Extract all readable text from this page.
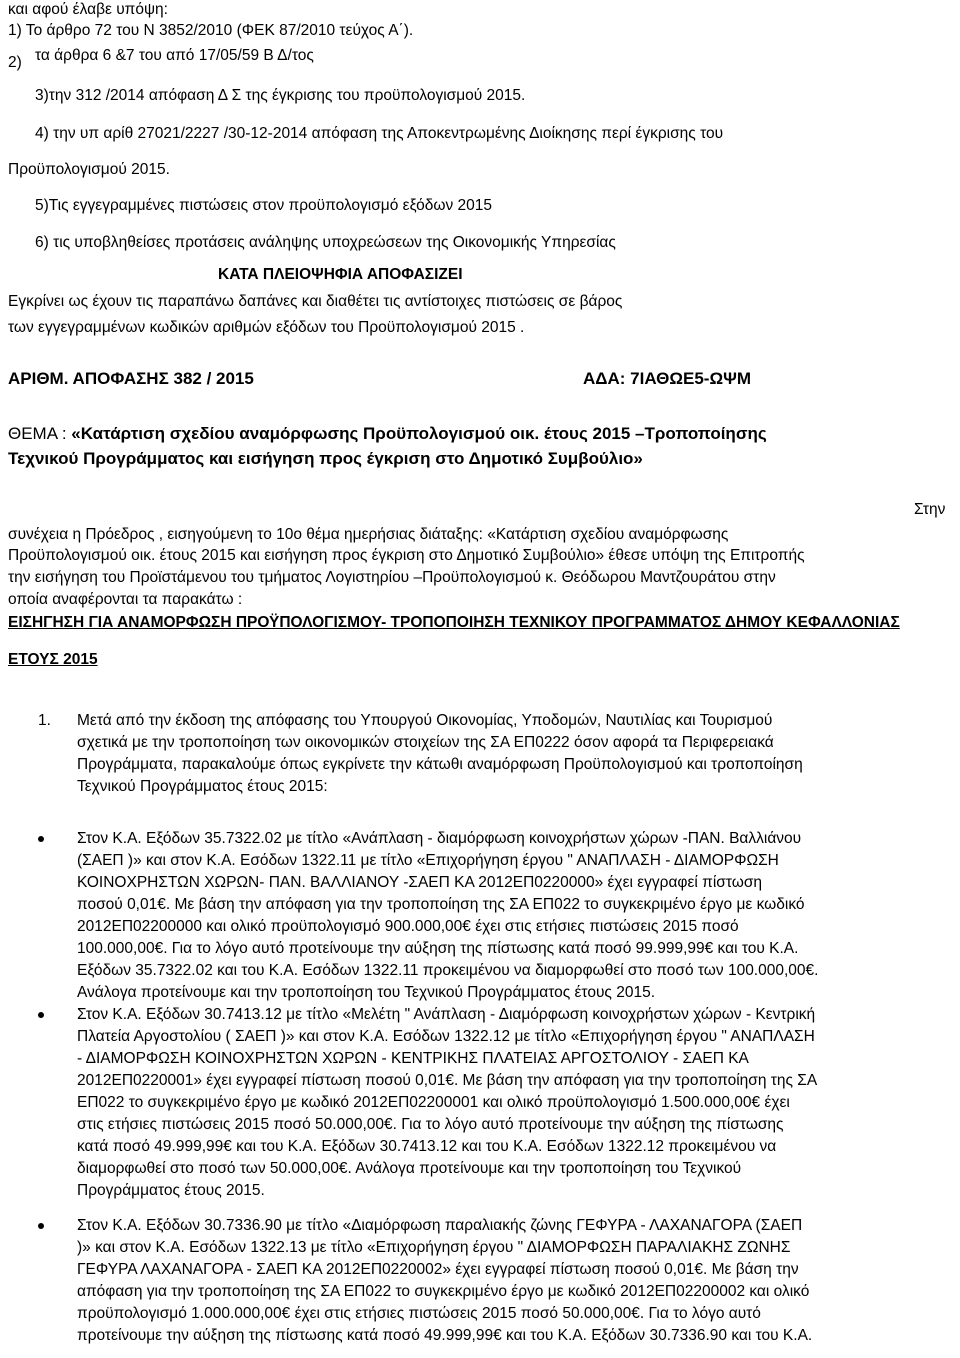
και αφού έλαβε υπόψη:
1) Το άρθρο 72 του Ν 3852/2010 (ΦΕΚ 87/2010 τεύχος Α΄).
2) τα άρθρα 6 &7 του από 17/05/59 Β Δ/τος
3)την 312 /2014 απόφαση Δ Σ της έγκρισης του προϋπολογισμού 2015.
4) την υπ αρίθ 27021/2227 /30-12-2014 απόφαση της Αποκεντρωμένης Διοίκησης περί έγκρισης του
Προϋπολογισμού 2015.
5)Τις εγγεγραμμένες πιστώσεις στον προϋπολογισμό εξόδων 2015
6) τις υποβληθείσες προτάσεις ανάληψης υποχρεώσεων της Οικονομικής Υπηρεσίας
ΚΑΤΑ ΠΛΕΙΟΨΗΦΙΑ ΑΠΟΦΑΣΙΖΕΙ
Εγκρίνει ως έχουν τις παραπάνω δαπάνες και διαθέτει τις αντίστοιχες πιστώσεις σε βάρος
των εγγεγραμμένων κωδικών αριθμών εξόδων του Προϋπολογισμού 2015 .
ΑΡΙΘΜ. ΑΠΟΦΑΣΗΣ 382 / 2015	ΑΔΑ: 7ΙΑΘΩΕ5-ΩΨΜ
ΘΕΜΑ : «Κατάρτιση σχεδίου αναμόρφωσης Προϋπολογισμού οικ. έτους 2015 –Τροποποίησης
Τεχνικού Προγράμματος και εισήγηση προς έγκριση στο Δημοτικό Συμβούλιο»
Στην
συνέχεια η Πρόεδρος , εισηγούμενη το 10ο θέμα ημερήσιας διάταξης: «Κατάρτιση σχεδίου αναμόρφωσης
Προϋπολογισμού οικ. έτους 2015 και εισήγηση προς έγκριση στο Δημοτικό Συμβούλιο» έθεσε υπόψη της Επιτροπής
την εισήγηση του Προϊστάμενου του τμήματος Λογιστηρίου –Προϋπολογισμού κ. Θεόδωρου Μαντζουράτου στην
οποία αναφέρονται τα παρακάτω :
ΕΙΣΗΓΗΣΗ ΓΙΑ ΑΝΑΜΟΡΦΩΣΗ ΠΡΟΫΠΟΛΟΓΙΣΜΟΥ- ΤΡΟΠΟΠΟΙΗΣΗ ΤΕΧΝΙΚΟΥ ΠΡΟΓΡΑΜΜΑΤΟΣ ΔΗΜΟΥ ΚΕΦΑΛΛΟΝΙΑΣ
ΕΤΟΥΣ 2015
1. Μετά από την έκδοση της απόφασης του Υπουργού Οικονομίας, Υποδομών, Ναυτιλίας και Τουρισμού
σχετικά με την τροποποίηση των οικονομικών στοιχείων της ΣΑ ΕΠ0222 όσον αφορά τα Περιφερειακά
Προγράμματα, παρακαλούμε όπως εγκρίνετε την κάτωθι αναμόρφωση Προϋπολογισμού και τροποποίηση
Τεχνικού Προγράμματος έτους 2015:
Στον Κ.Α. Εξόδων 35.7322.02 με τίτλο «Ανάπλαση - διαμόρφωση κοινοχρήστων χώρων -ΠΑΝ. Βαλλιάνου
(ΣΑΕΠ )» και στον Κ.Α. Εσόδων 1322.11 με τίτλο «Επιχορήγηση έργου " ΑΝΑΠΛΑΣΗ - ΔΙΑΜΟΡΦΩΣΗ
ΚΟΙΝΟΧΡΗΣΤΩΝ ΧΩΡΩΝ- ΠΑΝ. ΒΑΛΛΙΑΝΟΥ -ΣΑΕΠ ΚΑ 2012ΕΠ0220000» έχει εγγραφεί πίστωση
ποσού 0,01€. Με βάση την απόφαση για την τροποποίηση της ΣΑ ΕΠ022 το συγκεκριμένο έργο με κωδικό
2012ΕΠ02200000 και ολικό προϋπολογισμό 900.000,00€ έχει στις ετήσιες πιστώσεις 2015 ποσό
100.000,00€. Για το λόγο αυτό προτείνουμε την αύξηση της πίστωσης κατά ποσό 99.999,99€ και του Κ.Α.
Εξόδων 35.7322.02 και του Κ.Α. Εσόδων 1322.11 προκειμένου να διαμορφωθεί στο ποσό των 100.000,00€.
Ανάλογα προτείνουμε και την τροποποίηση του Τεχνικού Προγράμματος έτους 2015.
Στον Κ.Α. Εξόδων 30.7413.12 με τίτλο «Μελέτη " Ανάπλαση - Διαμόρφωση κοινοχρήστων χώρων - Κεντρική
Πλατεία Αργοστολίου ( ΣΑΕΠ )» και στον Κ.Α. Εσόδων 1322.12 με τίτλο «Επιχορήγηση έργου " ΑΝΑΠΛΑΣΗ
- ΔΙΑΜΟΡΦΩΣΗ ΚΟΙΝΟΧΡΗΣΤΩΝ ΧΩΡΩΝ - ΚΕΝΤΡΙΚΗΣ ΠΛΑΤΕΙΑΣ ΑΡΓΟΣΤΟΛΙΟΥ - ΣΑΕΠ ΚΑ
2012ΕΠ0220001» έχει εγγραφεί πίστωση ποσού 0,01€. Με βάση την απόφαση για την τροποποίηση της ΣΑ
ΕΠ022 το συγκεκριμένο έργο με κωδικό 2012ΕΠ02200001 και ολικό προϋπολογισμό 1.500.000,00€ έχει
στις ετήσιες πιστώσεις 2015 ποσό 50.000,00€. Για το λόγο αυτό προτείνουμε την αύξηση της πίστωσης
κατά ποσό 49.999,99€ και του Κ.Α. Εξόδων 30.7413.12 και του Κ.Α. Εσόδων 1322.12 προκειμένου να
διαμορφωθεί στο ποσό των 50.000,00€. Ανάλογα προτείνουμε και την τροποποίηση του Τεχνικού
Προγράμματος έτους 2015.
Στον Κ.Α. Εξόδων 30.7336.90 με τίτλο «Διαμόρφωση παραλιακής ζώνης ΓΕΦΥΡΑ - ΛΑΧΑΝΑΓΟΡΑ (ΣΑΕΠ
)» και στον Κ.Α. Εσόδων 1322.13 με τίτλο «Επιχορήγηση έργου " ΔΙΑΜΟΡΦΩΣΗ ΠΑΡΑΛΙΑΚΗΣ ΖΩΝΗΣ
ΓΕΦΥΡΑ ΛΑΧΑΝΑΓΟΡΑ - ΣΑΕΠ ΚΑ 2012ΕΠ0220002» έχει εγγραφεί πίστωση ποσού 0,01€. Με βάση την
απόφαση για την τροποποίηση της ΣΑ ΕΠ022 το συγκεκριμένο έργο με κωδικό 2012ΕΠ02200002 και ολικό
προϋπολογισμό 1.000.000,00€ έχει στις ετήσιες πιστώσεις 2015 ποσό 50.000,00€. Για το λόγο αυτό
προτείνουμε την αύξηση της πίστωσης κατά ποσό 49.999,99€ και του Κ.Α. Εξόδων 30.7336.90 και του Κ.Α.
